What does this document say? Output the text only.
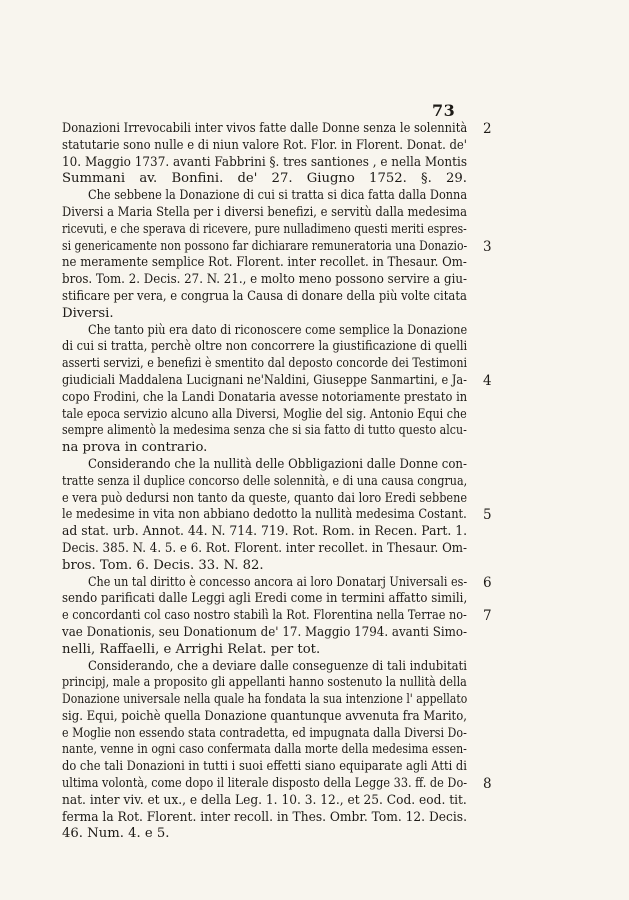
73
Donazioni Irrevocabili inter vivos fatte dalle Donne senza le solennità 2
statutarie sono nulle e di niun valore Rot. Flor. in Florent. Donat. de'
10. Maggio 1737. avanti Fabbrini §. tres santiones , e nella Montis
Summani av. Bonfini. de' 27. Giugno 1752. §. 29.
Che sebbene la Donazione di cui si tratta si dica fatta dalla Donna
Diversi a Maria Stella per i diversi benefizi, e servitù dalla medesima
ricevuti, e che sperava di ricevere, pure nulladimeno questi meriti espres-
si genericamente non possono far dichiarare remuneratoria una Donazio- 3
ne meramente semplice Rot. Florent. inter recollet. in Thesaur. Om-
bros. Tom. 2. Decis. 27. N. 21., e molto meno possono servire a giu-
stificare per vera, e congrua la Causa di donare della più volte citata
Diversi.
Che tanto più era dato di riconoscere come semplice la Donazione
di cui si tratta, perchè oltre non concorrere la giustificazione di quelli
asserti servizi, e benefizi è smentito dal deposto concorde dei Testimoni
giudiciali Maddalena Lucignani ne'Naldini, Giuseppe Sanmartini, e Ja- 4
copo Frodini, che la Landi Donataria avesse notoriamente prestato in
tale epoca servizio alcuno alla Diversi, Moglie del sig. Antonio Equi che
sempre alimentò la medesima senza che si sia fatto di tutto questo alcu-
na prova in contrario.
Considerando che la nullità delle Obbligazioni dalle Donne con-
tratte senza il duplice concorso delle solennità, e di una causa congrua,
e vera può dedursi non tanto da queste, quanto dai loro Eredi sebbene
le medesime in vita non abbiano dedotto la nullità medesima Costant. 5
ad stat. urb. Annot. 44. N. 714. 719. Rot. Rom. in Recen. Part. 1.
Decis. 385. N. 4. 5. e 6. Rot. Florent. inter recollet. in Thesaur. Om-
bros. Tom. 6. Decis. 33. N. 82.
Che un tal diritto è concesso ancora ai loro Donatarj Universali es- 6
sendo parificati dalle Leggi agli Eredi come in termini affatto simili,
e concordanti col caso nostro stabilì la Rot. Florentina nella Terrae no- 7
vae Donationis, seu Donationum de' 17. Maggio 1794. avanti Simo-
nelli, Raffaelli, e Arrighi Relat. per tot.
Considerando, che a deviare dalle conseguenze di tali indubitati
principj, male a proposito gli appellanti hanno sostenuto la nullità della
Donazione universale nella quale ha fondata la sua intenzione l' appellato
sig. Equi, poichè quella Donazione quantunque avvenuta fra Marito,
e Moglie non essendo stata contradetta, ed impugnata dalla Diversi Do-
nante, venne in ogni caso confermata dalla morte della medesima essen-
do che tali Donazioni in tutti i suoi effetti siano equiparate agli Atti di
ultima volontà, come dopo il literale disposto della Legge 33. ff. de Do- 8
nat. inter viv. et ux., e della Leg. 1. 10. 3. 12., et 25. Cod. eod. tit.
ferma la Rot. Florent. inter recoll. in Thes. Ombr. Tom. 12. Decis.
46. Num. 4. e 5.
